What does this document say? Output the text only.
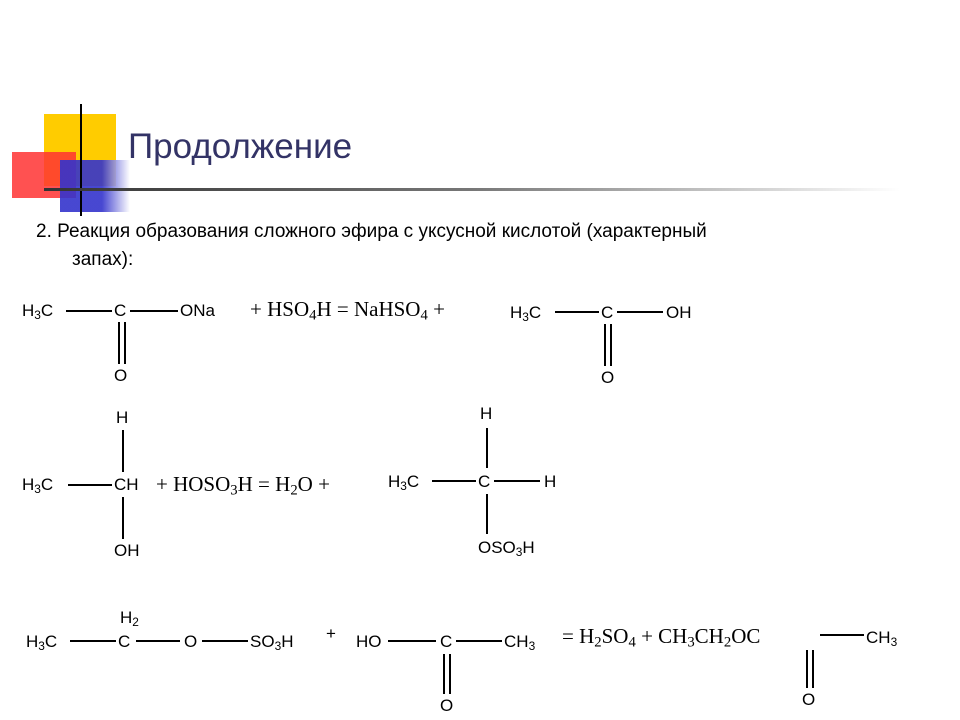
Продолжение
2. Реакция образования сложного эфира с уксусной кислотой (характерный
запах):
$H_3C$	C	ONa
O
+ $HSO_4H$ = NaHSO$_4$ +	$H_3C$	C	OH
O
H
$H_3C$	CH
OH
+ $HOSO_3H = H_2O$ +
H
$H_3C$	C	H
$OSO_3H$
$H_3C$
$H_2$
C	O	$SO_3H$ + HO	C	$CH_3$
O
= $H_2SO_4 + CH_3CH_2OC$	$CH_3$
O
